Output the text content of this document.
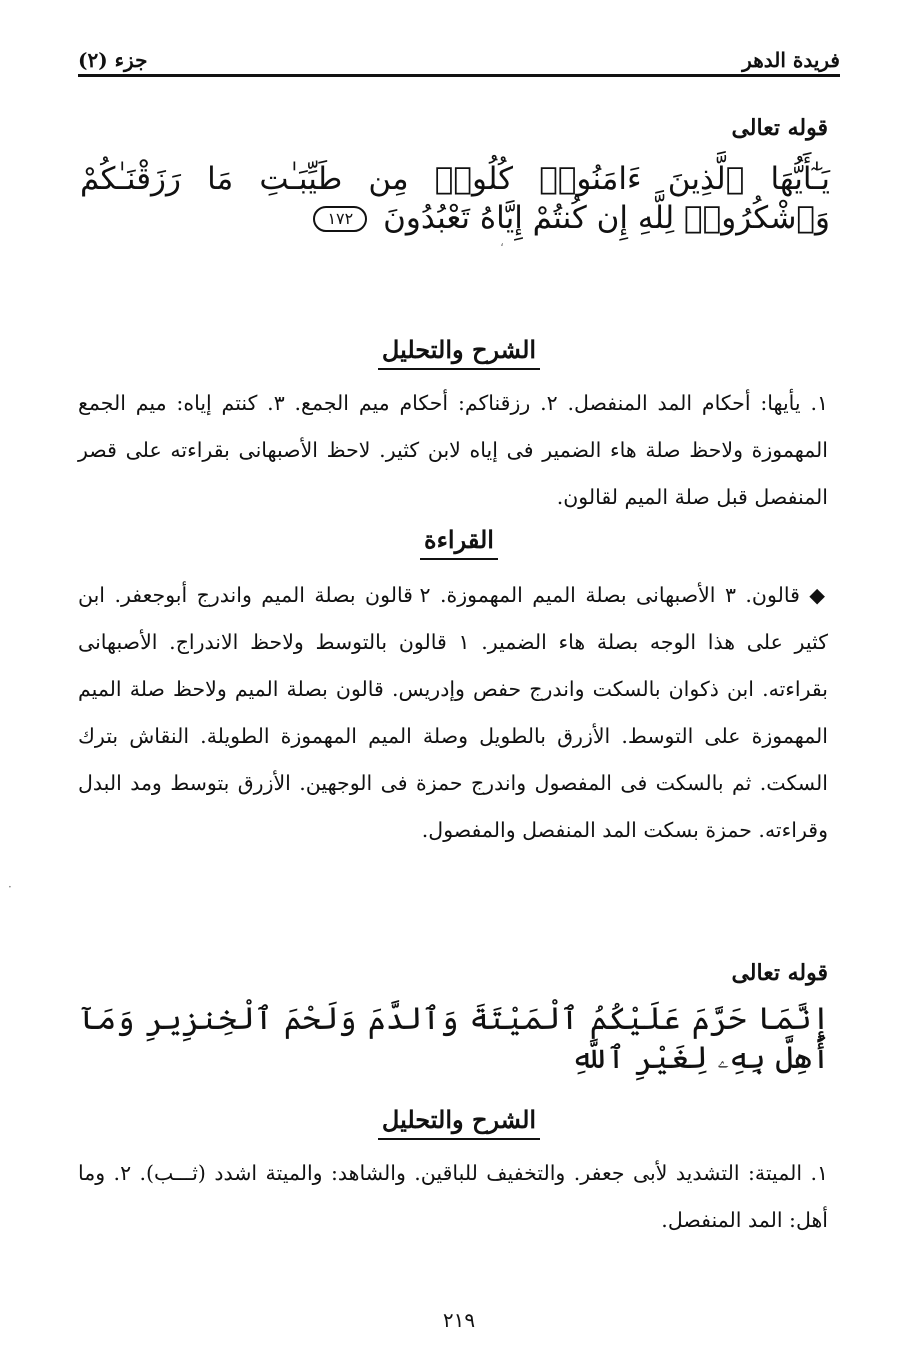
فريدة الدهر
جزء (٢)
قوله تعالى
يَـٰٓأَيُّهَا ٱلَّذِينَ ءَامَنُوا۟ كُلُوا۟ مِن طَيِّبَـٰتِ مَا رَزَقْنَـٰكُمْ وَٱشْكُرُوا۟ لِلَّهِ إِن كُنتُمْ إِيَّاهُ تَعْبُدُونَ ١٧٢
الشرح والتحليل
١. يأيها: أحكام المد المنفصل. ٢. رزقناكم: أحكام ميم الجمع. ٣. كنتم إياه: ميم الجمع المهموزة ولاحظ صلة هاء الضمير فى إياه لابن كثير. لاحظ الأصبهانى بقراءته على قصر المنفصل قبل صلة الميم لقالون.
القراءة
◆ قالون. ٣ الأصبهانى بصلة الميم المهموزة. ٢ قالون بصلة الميم واندرج أبوجعفر. ابن كثير على هذا الوجه بصلة هاء الضمير. ١ قالون بالتوسط ولاحظ الاندراج. الأصبهانى بقراءته. ابن ذكوان بالسكت واندرج حفص وإدريس. قالون بصلة الميم ولاحظ صلة الميم المهموزة على التوسط. الأزرق بالطويل وصلة الميم المهموزة الطويلة. النقاش بترك السكت. ثم بالسكت فى المفصول واندرج حمزة فى الوجهين. الأزرق بتوسط ومد البدل وقراءته. حمزة بسكت المد المنفصل والمفصول.
قوله تعالى
إِنَّمَا حَرَّمَ عَلَيْكُمُ ٱلْمَيْتَةَ وَٱلدَّمَ وَلَحْمَ ٱلْخِنزِيرِ وَمَآ أُهِلَّ بِهِۦ لِغَيْرِ ٱللَّهِ
الشرح والتحليل
١. الميتة: التشديد لأبى جعفر. والتخفيف للباقين. والشاهد: والميتة اشدد (ثـــب). ٢. وما أهل: المد المنفصل.
٢١٩
،
·
